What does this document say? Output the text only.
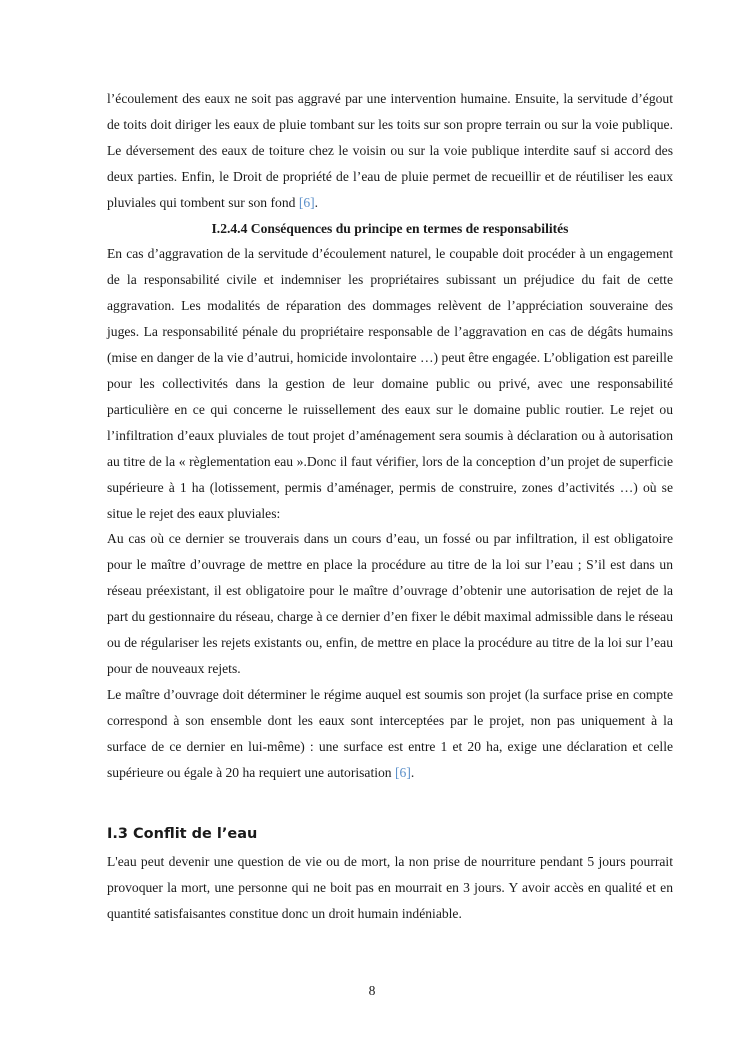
l’écoulement des eaux ne soit pas aggravé par une intervention humaine. Ensuite, la servitude d’égout de toits doit diriger les eaux de pluie tombant sur les toits sur son propre terrain ou sur la voie publique. Le déversement des eaux de toiture chez le voisin ou sur la voie publique interdite sauf si accord des deux parties. Enfin, le Droit de propriété de l’eau de pluie permet de recueillir et de réutiliser les eaux pluviales qui tombent sur son fond [6].

I.2.4.4 Conséquences du principe en termes de responsabilités

En cas d’aggravation de la servitude d’écoulement naturel, le coupable doit procéder à un engagement de la responsabilité civile et indemniser les propriétaires subissant un préjudice du fait de cette aggravation. Les modalités de réparation des dommages relèvent de l’appréciation souveraine des juges. La responsabilité pénale du propriétaire responsable de l’aggravation en cas de dégâts humains (mise en danger de la vie d’autrui, homicide involontaire …) peut être engagée. L’obligation est pareille pour les collectivités dans la gestion de leur domaine public ou privé, avec une responsabilité particulière en ce qui concerne le ruissellement des eaux sur le domaine public routier. Le rejet ou l’infiltration d’eaux pluviales de tout projet d’aménagement sera soumis à déclaration ou à autorisation au titre de la « règlementation eau ».Donc il faut vérifier, lors de la conception d’un projet de superficie supérieure à 1 ha (lotissement, permis d’aménager, permis de construire, zones d’activités …) où se situe le rejet des eaux pluviales:

Au cas où ce dernier se trouverais dans un cours d’eau, un fossé ou par infiltration, il est obligatoire pour le maître d’ouvrage de mettre en place la procédure au titre de la loi sur l’eau ; S’il est dans un réseau préexistant, il est obligatoire pour le maître d’ouvrage d’obtenir une autorisation de rejet de la part du gestionnaire du réseau, charge à ce dernier d’en fixer le débit maximal admissible dans le réseau ou de régulariser les rejets existants ou, enfin, de mettre en place la procédure au titre de la loi sur l’eau pour de nouveaux rejets.

Le maître d’ouvrage doit déterminer le régime auquel est soumis son projet (la surface prise en compte correspond à son ensemble dont les eaux sont interceptées par le projet, non pas uniquement à la surface de ce dernier en lui-même) : une surface est entre 1 et 20 ha, exige une déclaration et celle supérieure ou égale à 20 ha requiert une autorisation [6].

I.3 Conflit de l’eau

L'eau peut devenir une question de vie ou de mort, la non prise de nourriture pendant 5 jours pourrait provoquer la mort, une personne qui ne boit pas en mourrait en 3 jours. Y avoir accès en qualité et en quantité satisfaisantes constitue donc un droit humain indéniable.

8
